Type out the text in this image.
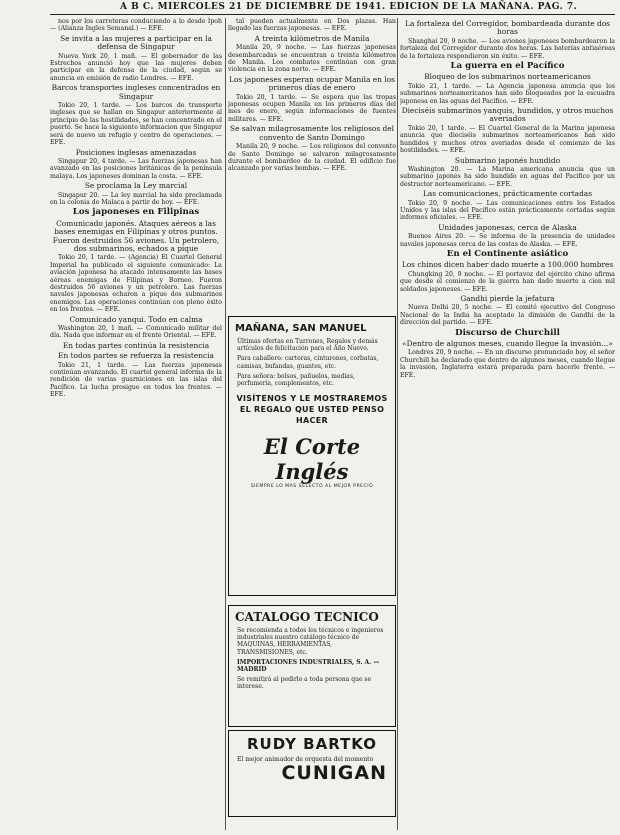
A B C. MIERCOLES 21 DE DICIEMBRE DE 1941. EDICION DE LA MAÑANA. PAG. 7.

nos por los carreteras conduciendo a lo desde Ipoh — (Alianza Ingles Semanal.) — EFE.

Se invita a las mujeres a participar en la defensa de Singapur

Nueva York 20, 1 mañ. — El gobernador de las Estrechos anunció hoy que las mujeres deben participar en la defensa de la ciudad, según se anuncia en emisión de radio Londres. — EFE.

Barcos transportes ingleses concentrados en Singapur

Tokio 20, 1 tarde. — Los barcos de transporte ingleses que se hallan en Singapur anteriormente al principio de las hostilidades, se han concentrado en el puerto. Se hace la siguiente informacion que Singapur será de nuevo un refugio y centro de operaciones. — EFE.

Posiciones inglesas amenazadas

Singapur 20, 4 tarde. — Las fuerzas japonesas han avanzado en las posiciones británicas de la península malaya. Los japoneses dominan la costa. — EFE.

Se proclama la Ley marcial

Singapur 20. — La ley marcial ha sido proclamada en la colonia de Malaca a partir de hoy. — EFE.

Los japoneses en Filipinas
Comunicado japonés. Ataques aéreos a las bases enemigas en Filipinas y otros puntos. Fueron destruidos 56 aviones. Un petrolero, dos submarinos, echados a pique

Tokio 20, 1 tarde. — (Agencia) El Cuartel General Imperial ha publicado el siguiente comunicado: La aviación japonesa ha atacado intensamente las bases aéreas enemigas de Filipinas y Borneo. Fueron destruidos 56 aviones y un petrolero. Las fuerzas navales japonesas echaron a pique dos submarinos enemigos. Las operaciones continúan con pleno éxito en los frentes. — EFE.

Comunicado yanqui. Todo en calma

Washington 20, 1 mañ. — Comunicado militar del día. Nada que informar en el frente Oriental. — EFE.

En todas partes continúa la resistencia
En todos partes se refuerza la resistencia

Tokio 21, 1 tarde. — Las fuerzas japonesas continúan avanzando. El cuartel general informa de la rendición de varias guarniciones en las islas del Pacífico. La lucha prosigue en todos los frentes. — EFE.

tal pueden actualmente en Dos plazas. Han llegado las fuerzas japonesas. — EFE.

A treinta kilómetros de Manila

Manila 20, 9 noche. — Las fuerzas japonesas desembarcadas se encuentran a treinta kilómetros de Manila. Los combates continúan con gran violencia en la zona norte. — EFE.

Los japoneses esperan ocupar Manila en los primeros días de enero

Tokio 20, 1 tarde. — Se espera que las tropas japonesas ocupen Manila en los primeros días del mes de enero, según informaciones de fuentes militares. — EFE.

Se salvan milagrosamente los religiosos del convento de Santo Domingo

Manila 20, 9 noche. — Los religiosos del convento de Santo Domingo se salvaron milagrosamente durante el bombardeo de la ciudad. El edificio fue alcanzado por varias bombas. — EFE.

MAÑANA, SAN MANUEL
Últimas ofertas en Turrones, Regalos y demás artículos de felicitación para el Año Nuevo.
Para caballero: carteras, cinturones, corbatas, camisas, bufandas, guantes, etc.
Para señora: bolsos, pañuelos, medias, perfumería, complementos, etc.
VISÍTENOS Y LE MOSTRAREMOS EL REGALO QUE USTED PENSO HACER
El Corte Inglés
SIEMPRE LO MAS SELECTO AL MEJOR PRECIO
CATALOGO TECNICO
Se recomienda a todos los técnicos e ingenieros industriales nuestro catálogo técnico de MAQUINAS, HERRAMIENTAS, TRANSMISIONES, etc.
IMPORTACIONES INDUSTRIALES, S. A. — MADRID
Se remitirá al pedirlo a toda persona que se interese.
RUDY BARTKO
El mejor animador de orquesta del momento
CUNIGAN
La fortaleza del Corregidor, bombardeada durante dos horas

Shanghai 20, 9 noche. — Los aviones japoneses bombardearon la fortaleza del Corregidor durante dos horas. Las baterías antiaéreas de la fortaleza respondieron sin éxito. — EFE.

La guerra en el Pacífico
Bloqueo de los submarinos norteamericanos

Tokio 21, 1 tarde. — La Agencia japonesa anuncia que los submarinos norteamericanos han sido bloqueados por la escuadra japonesa en las aguas del Pacífico. — EFE.

Dieciséis submarinos yanquis, hundidos, y otros muchos averiados

Tokio 20, 1 tarde. — El Cuartel General de la Marina japonesa anuncia que dieciséis submarinos norteamericanos han sido hundidos y muchos otros averiados desde el comienzo de las hostilidades. — EFE.

Submarino japonés hundido

Washington 20. — La Marina americana anuncia que un submarino japonés ha sido hundido en aguas del Pacífico por un destructor norteamericano. — EFE.

Las comunicaciones, prácticamente cortadas

Tokio 20, 9 noche. — Las comunicaciones entre los Estados Unidos y las islas del Pacífico están prácticamente cortadas según informes oficiales. — EFE.

Unidades japonesas, cerca de Alaska

Buenos Aires 20. — Se informa de la presencia de unidades navales japonesas cerca de las costas de Alaska. — EFE.

En el Continente asiático
Los chinos dicen haber dado muerte a 100.000 hombres

Chungking 20, 9 noche. — El portavoz del ejército chino afirma que desde el comienzo de la guerra han dado muerte a cien mil soldados japoneses. — EFE.

Gandhi pierde la jefatura

Nueva Delhi 20, 5 noche. — El comité ejecutivo del Congreso Nacional de la India ha aceptado la dimisión de Gandhi de la dirección del partido. — EFE.

Discurso de Churchill
«Dentro de algunos meses, cuando llegue la invasión...»

Londres 20, 9 noche. — En un discurso pronunciado hoy, el señor Churchill ha declarado que dentro de algunos meses, cuando llegue la invasión, Inglaterra estará preparada para hacerle frente. — EFE.
